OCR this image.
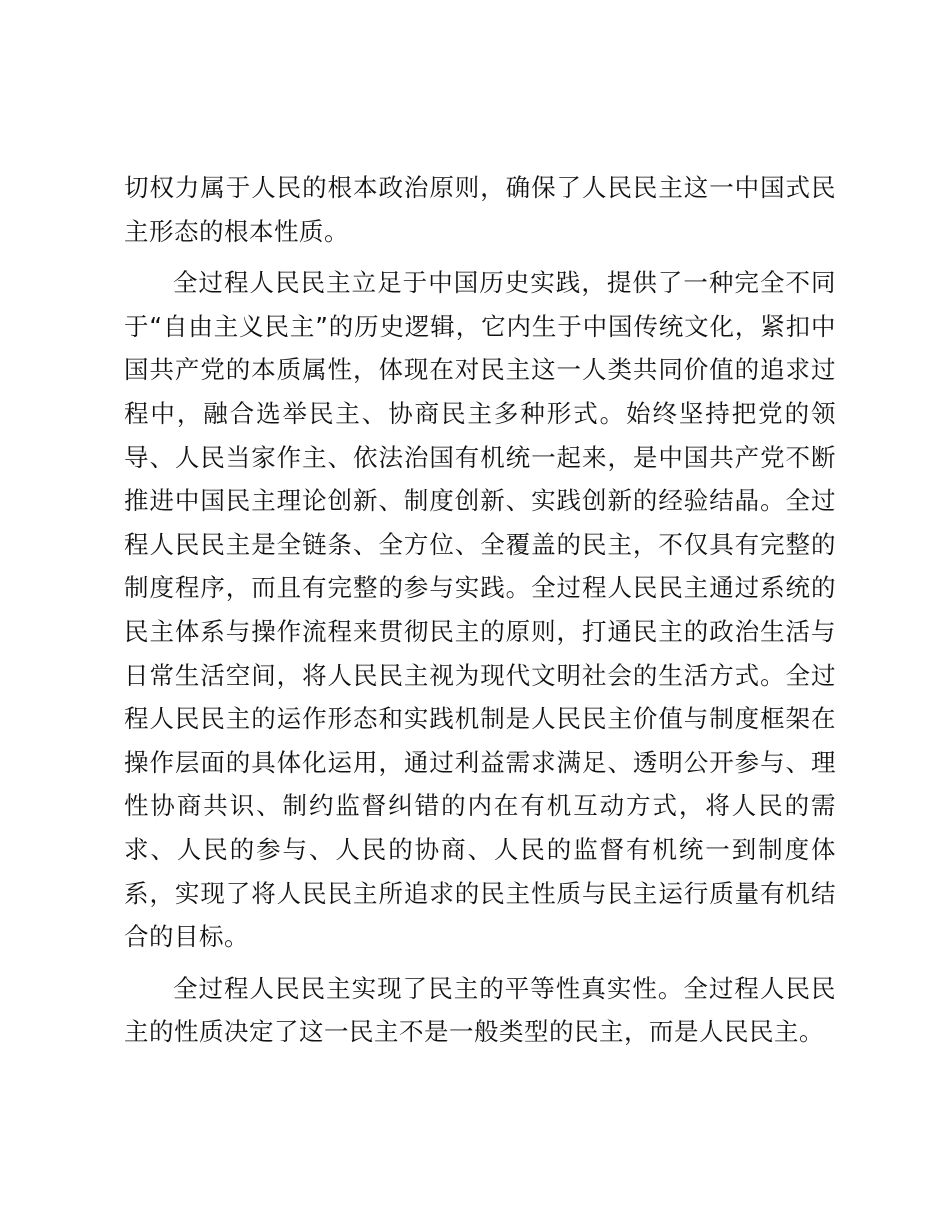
切权力属于人民的根本政治原则，确保了人民民主这一中国式民主形态的根本性质。

全过程人民民主立足于中国历史实践，提供了一种完全不同于“自由主义民主”的历史逻辑，它内生于中国传统文化，紧扣中国共产党的本质属性，体现在对民主这一人类共同价值的追求过程中，融合选举民主、协商民主多种形式。始终坚持把党的领导、人民当家作主、依法治国有机统一起来，是中国共产党不断推进中国民主理论创新、制度创新、实践创新的经验结晶。全过程人民民主是全链条、全方位、全覆盖的民主，不仅具有完整的制度程序，而且有完整的参与实践。全过程人民民主通过系统的民主体系与操作流程来贯彻民主的原则，打通民主的政治生活与日常生活空间，将人民民主视为现代文明社会的生活方式。全过程人民民主的运作形态和实践机制是人民民主价值与制度框架在操作层面的具体化运用，通过利益需求满足、透明公开参与、理性协商共识、制约监督纠错的内在有机互动方式，将人民的需求、人民的参与、人民的协商、人民的监督有机统一到制度体系，实现了将人民民主所追求的民主性质与民主运行质量有机结合的目标。

全过程人民民主实现了民主的平等性真实性。全过程人民民主的性质决定了这一民主不是一般类型的民主，而是人民民主。
